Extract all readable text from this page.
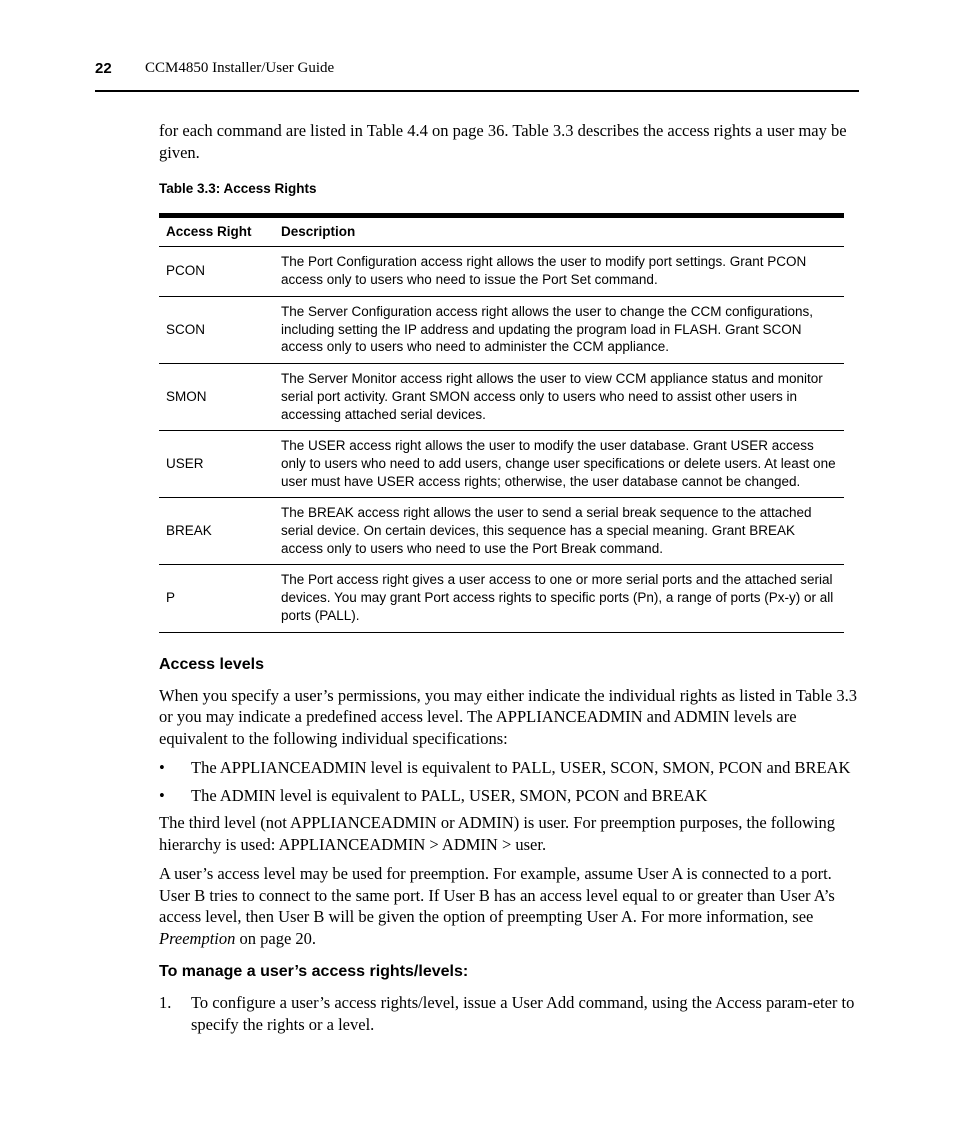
22 CCM4850 Installer/User Guide

for each command are listed in Table 4.4 on page 36. Table 3.3 describes the access rights a user may be given.

Table 3.3: Access Rights
Access Right	Description
PCON	The Port Configuration access right allows the user to modify port settings. Grant PCON access only to users who need to issue the Port Set command.
SCON	The Server Configuration access right allows the user to change the CCM configurations, including setting the IP address and updating the program load in FLASH. Grant SCON access only to users who need to administer the CCM appliance.
SMON	The Server Monitor access right allows the user to view CCM appliance status and monitor serial port activity. Grant SMON access only to users who need to assist other users in accessing attached serial devices.
USER	The USER access right allows the user to modify the user database. Grant USER access only to users who need to add users, change user specifications or delete users. At least one user must have USER access rights; otherwise, the user database cannot be changed.
BREAK	The BREAK access right allows the user to send a serial break sequence to the attached serial device. On certain devices, this sequence has a special meaning. Grant BREAK access only to users who need to use the Port Break command.
P	The Port access right gives a user access to one or more serial ports and the attached serial devices. You may grant Port access rights to specific ports (Pn), a range of ports (Px-y) or all ports (PALL).
Access levels

When you specify a user’s permissions, you may either indicate the individual rights as listed in Table 3.3 or you may indicate a predefined access level. The APPLIANCEADMIN and ADMIN levels are equivalent to the following individual specifications:

• The APPLIANCEADMIN level is equivalent to PALL, USER, SCON, SMON, PCON and BREAK
• The ADMIN level is equivalent to PALL, USER, SMON, PCON and BREAK

The third level (not APPLIANCEADMIN or ADMIN) is user. For preemption purposes, the following hierarchy is used: APPLIANCEADMIN > ADMIN > user.

A user’s access level may be used for preemption. For example, assume User A is connected to a port. User B tries to connect to the same port. If User B has an access level equal to or greater than User A’s access level, then User B will be given the option of preempting User A. For more information, see Preemption on page 20.

To manage a user’s access rights/levels:
1. To configure a user’s access rights/level, issue a User Add command, using the Access param-eter to specify the rights or a level.
